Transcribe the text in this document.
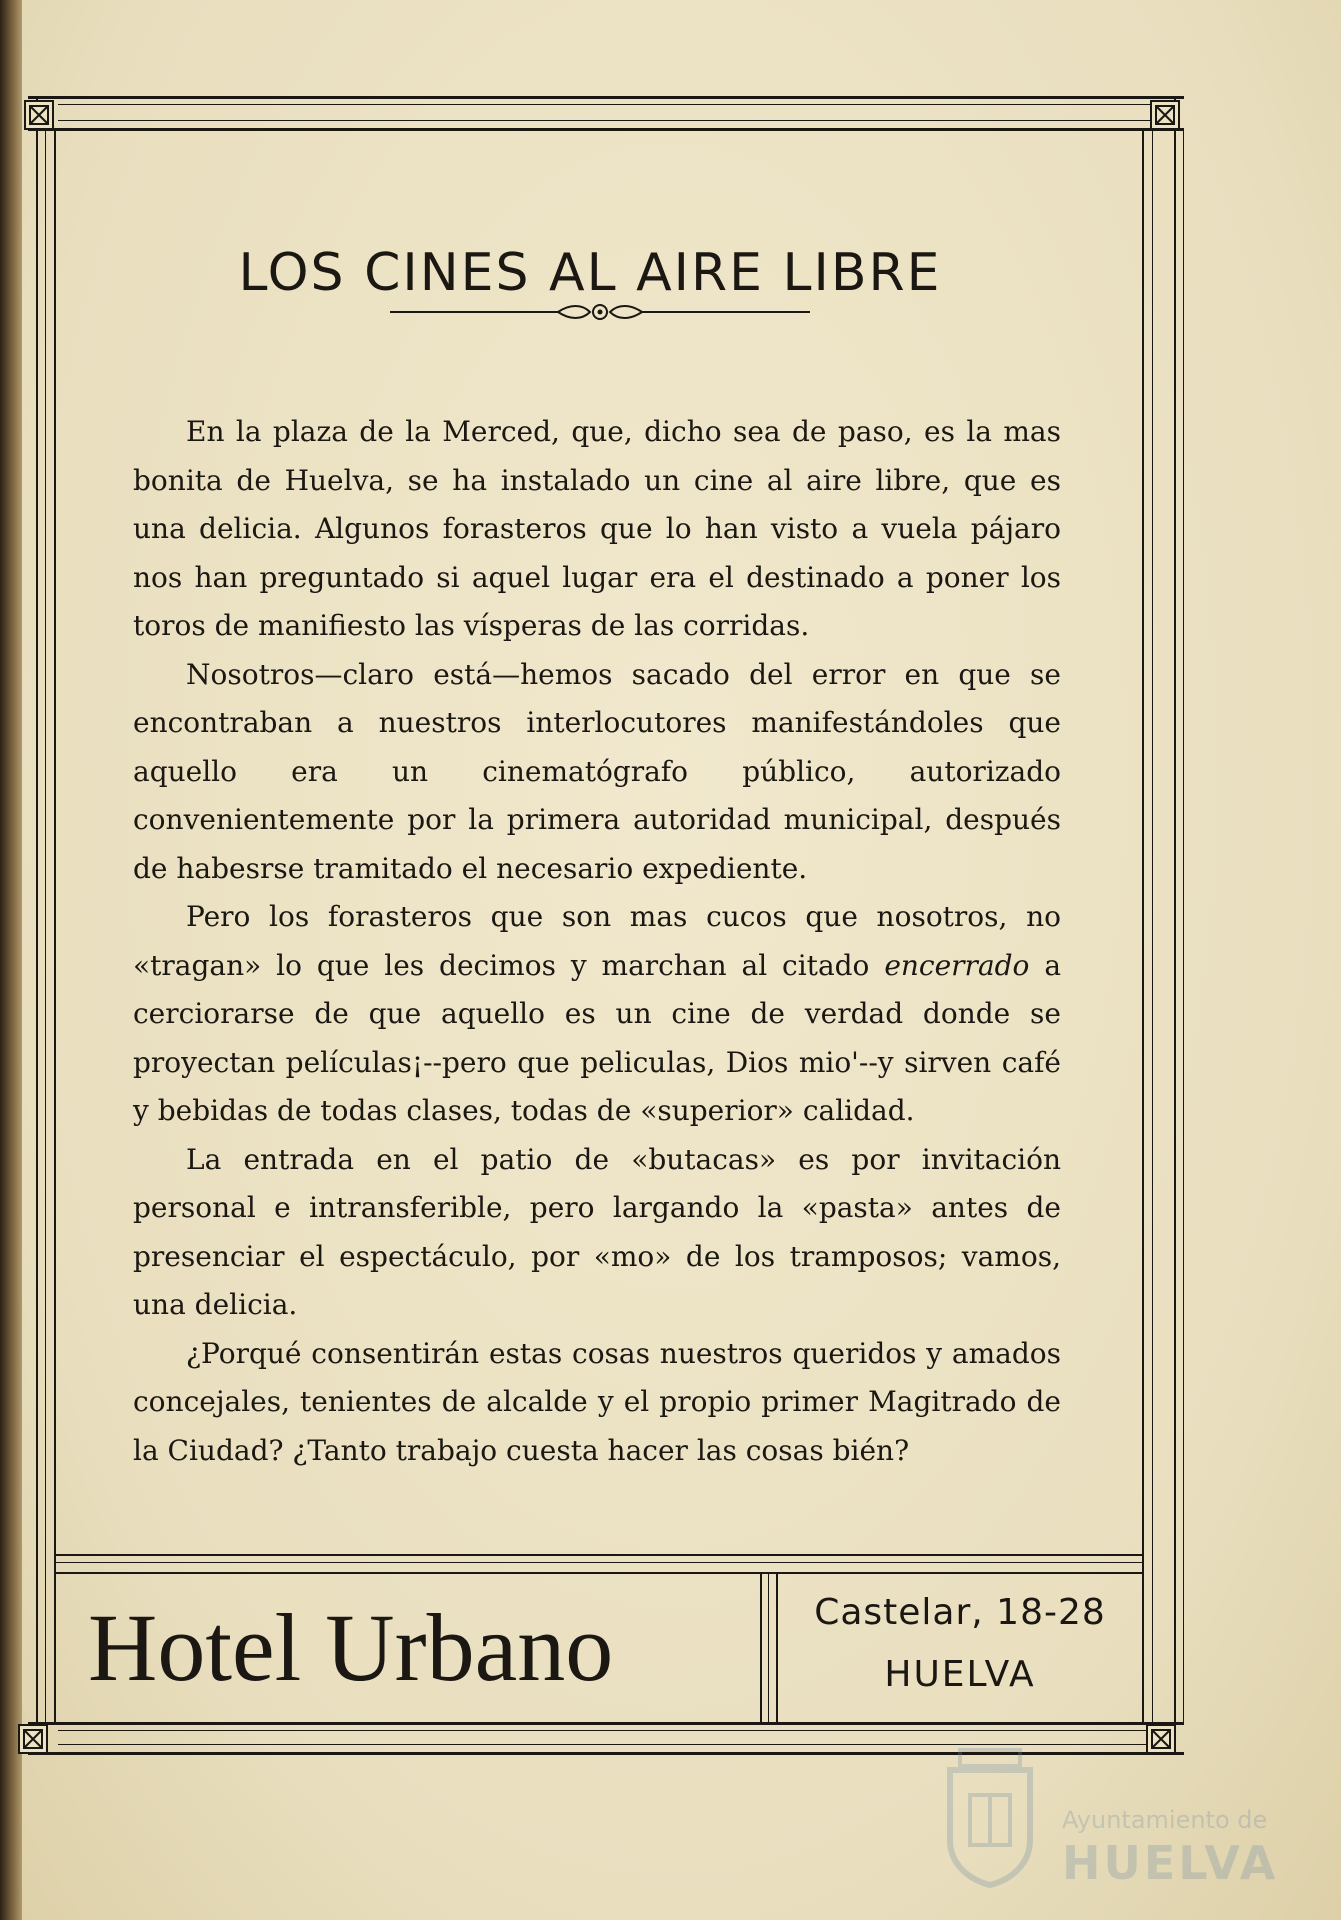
LOS CINES AL AIRE LIBRE

En la plaza de la Merced, que, dicho sea de paso, es la mas bonita de Huelva, se ha instalado un cine al aire libre, que es una delicia. Algunos forasteros que lo han visto a vuela pájaro nos han preguntado si aquel lugar era el destinado a poner los toros de manifiesto las vísperas de las corridas.

Nosotros—claro está—hemos sacado del error en que se encontraban a nuestros interlocutores manifestándoles que aquello era un cinematógrafo público, autorizado convenientemente por la primera autoridad municipal, después de habesrse tramitado el necesario expediente.

Pero los forasteros que son mas cucos que nosotros, no «tragan» lo que les decimos y marchan al citado encerrado a cerciorarse de que aquello es un cine de verdad donde se proyectan películas¡--pero que peliculas, Dios mio'--y sirven café y bebidas de todas clases, todas de «superior» calidad.

La entrada en el patio de «butacas» es por invitación personal e intransferible, pero largando la «pasta» antes de presenciar el espectáculo, por «mo» de los tramposos; vamos, una delicia.

¿Porqué consentirán estas cosas nuestros queridos y amados concejales, tenientes de alcalde y el propio primer Magitrado de la Ciudad? ¿Tanto trabajo cuesta hacer las cosas bién?

Hotel Urbano	Castelar, 18-28
HUELVA
Ayuntamiento de
HUELVA
